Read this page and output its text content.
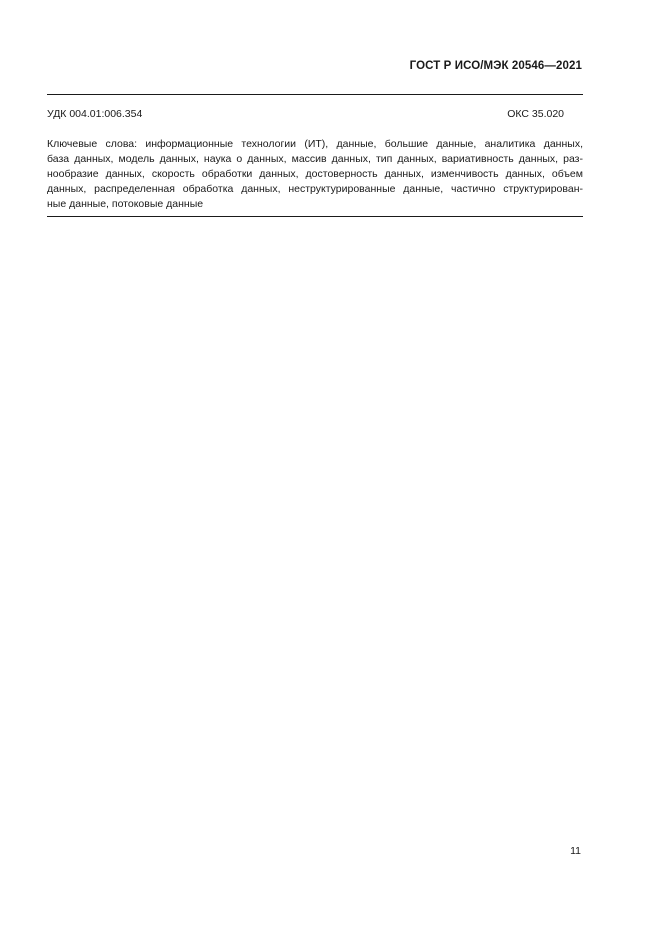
ГОСТ Р ИСО/МЭК 20546—2021
УДК 004.01:006.354	ОКС 35.020
Ключевые слова: информационные технологии (ИТ), данные, большие данные, аналитика данных,
база данных, модель данных, наука о данных, массив данных, тип данных, вариативность данных, раз-
нообразие данных, скорость обработки данных, достоверность данных, изменчивость данных, объем
данных, распределенная обработка данных, неструктурированные данные, частично структурирован-
ные данные, потоковые данные
11
